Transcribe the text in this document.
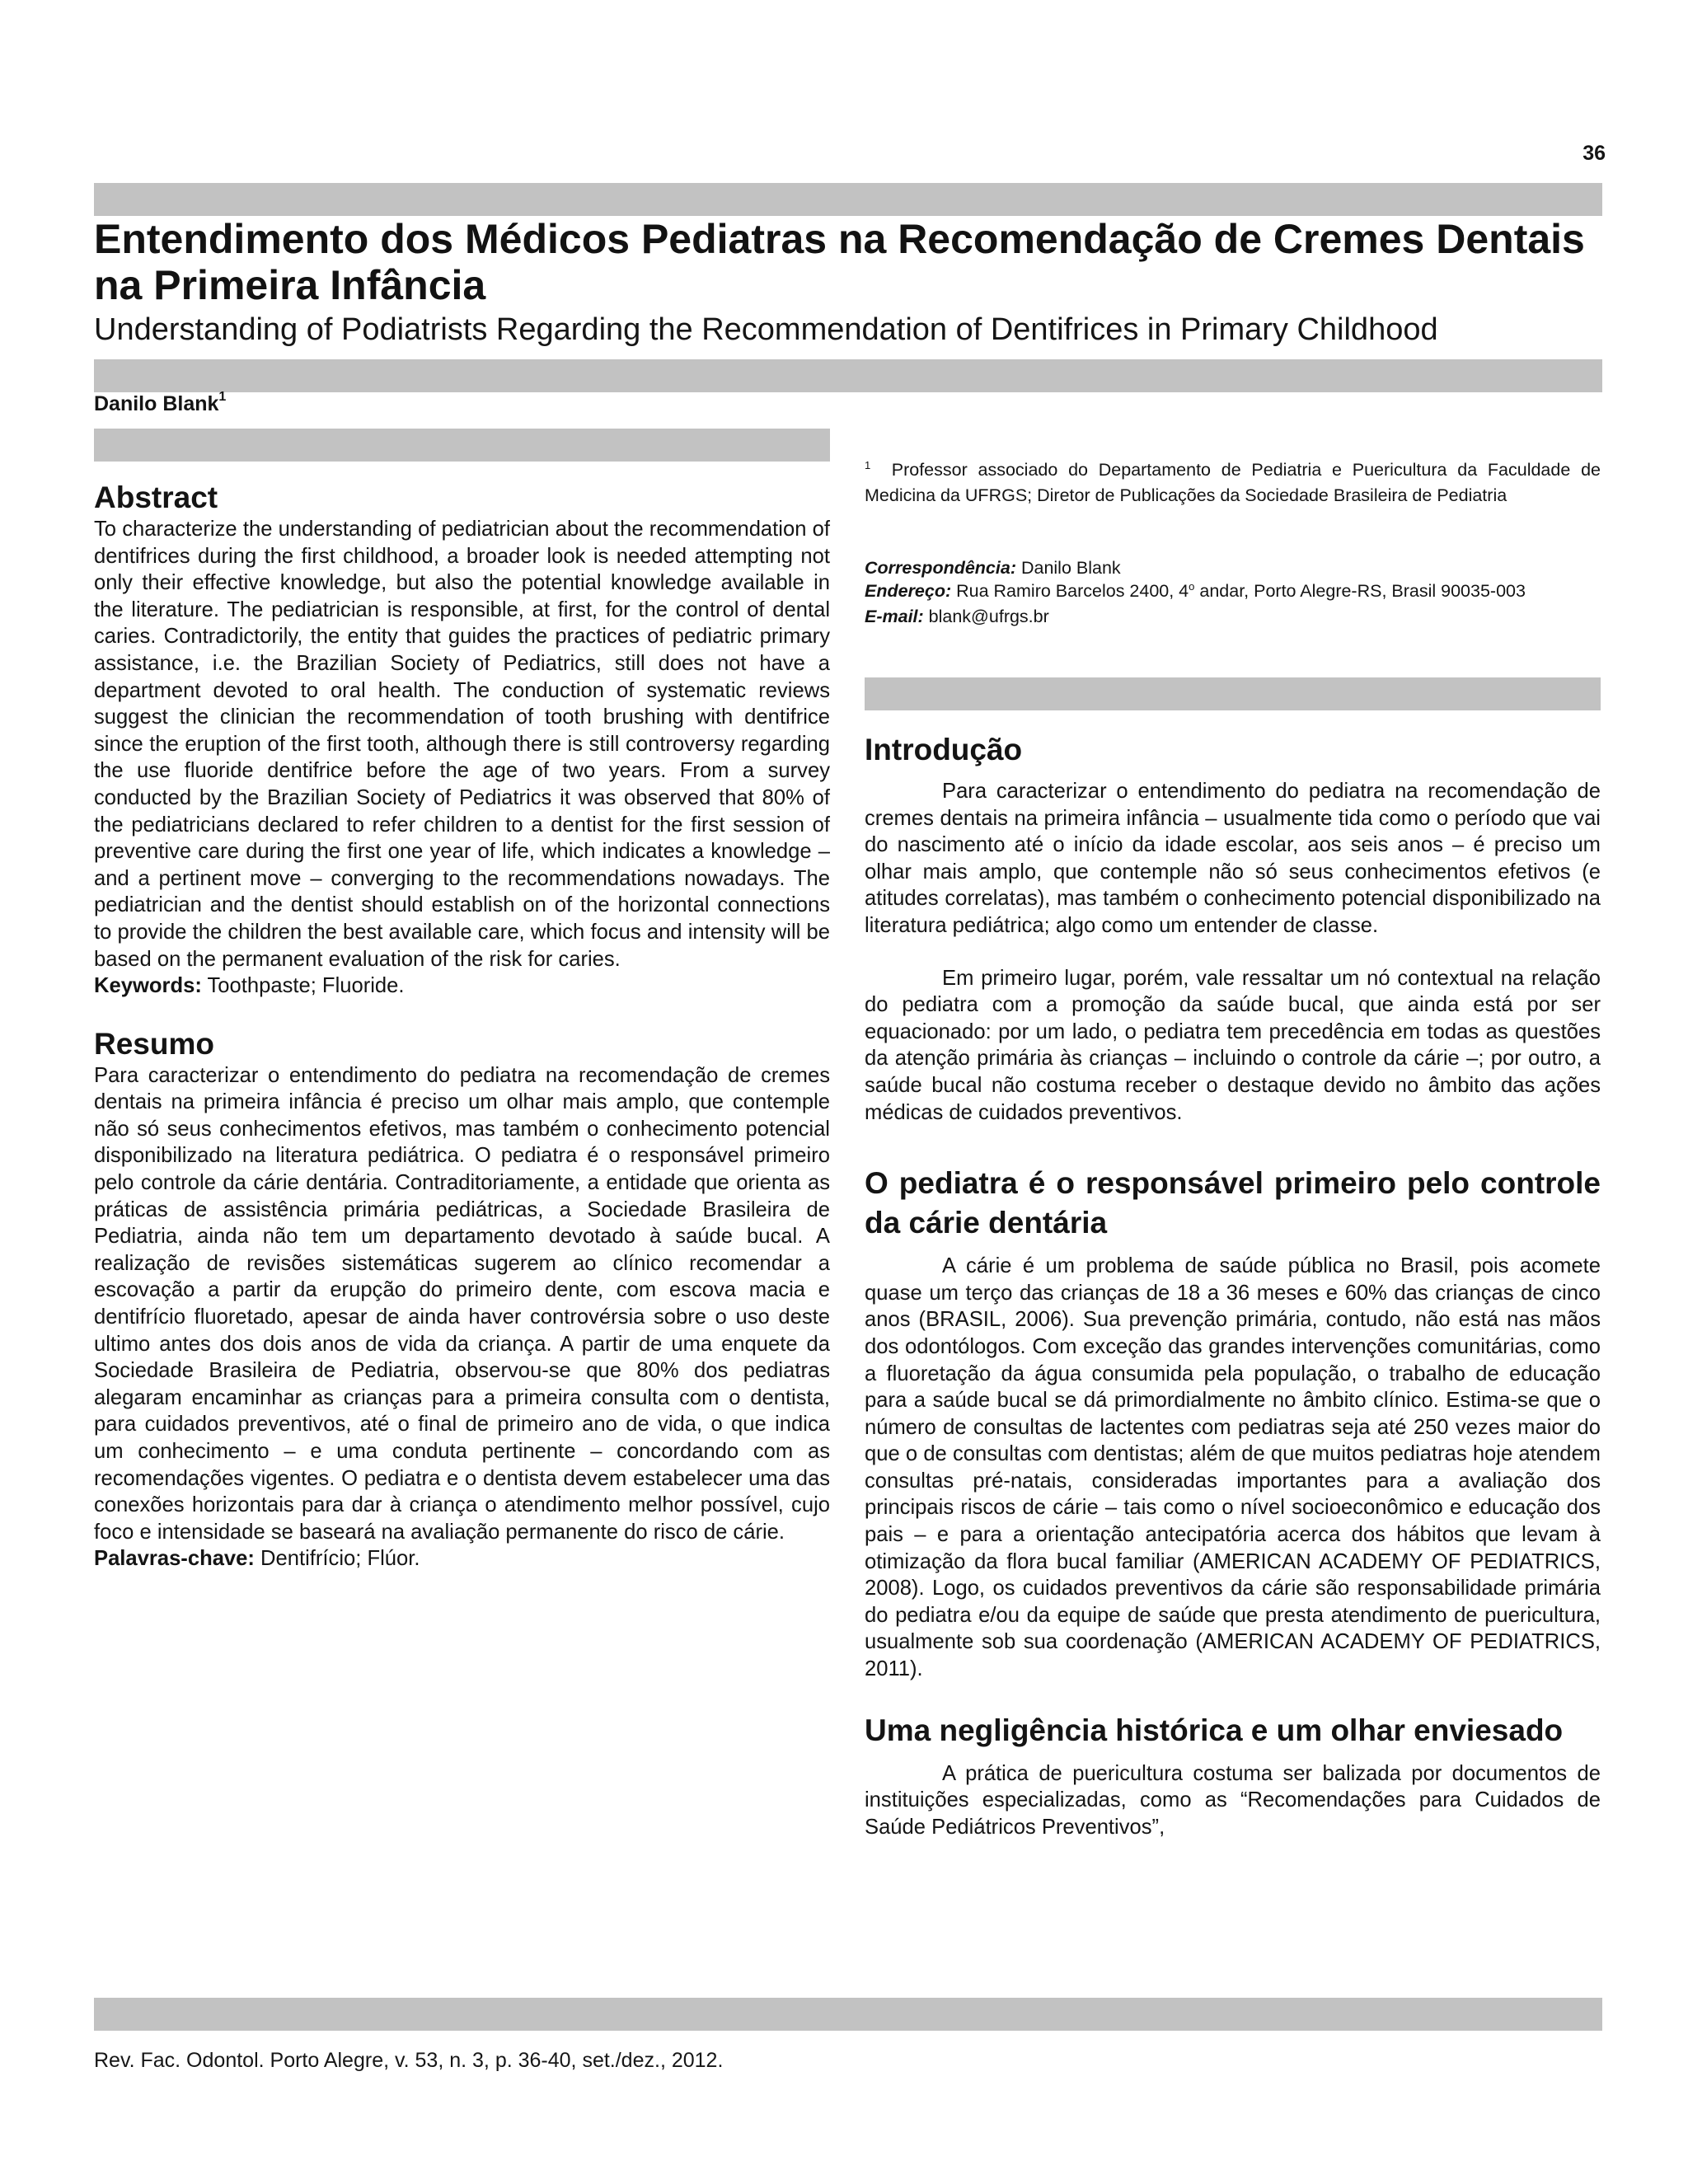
36
Entendimento dos Médicos Pediatras na Recomendação de Cremes Dentais na Primeira Infância
Understanding of Podiatrists Regarding the Recommendation of Dentifrices in Primary Childhood
Danilo Blank$^1$
Abstract
To characterize the understanding of pediatrician about the recommendation of dentifrices during the first childhood, a broader look is needed attempting not only their effective knowledge, but also the potential knowledge available in the literature. The pediatrician is responsible, at first, for the control of dental caries. Contradictorily, the entity that guides the practices of pediatric primary assistance, i.e. the Brazilian Society of Pediatrics, still does not have a department devoted to oral health. The conduction of systematic reviews suggest the clinician the recommendation of tooth brushing with dentifrice since the eruption of the first tooth, although there is still controversy regarding the use fluoride dentifrice before the age of two years. From a survey conducted by the Brazilian Society of Pediatrics it was observed that 80% of the pediatricians declared to refer children to a dentist for the first session of preventive care during the first one year of life, which indicates a knowledge – and a pertinent move – converging to the recommendations nowadays. The pediatrician and the dentist should establish on of the horizontal connections to provide the children the best available care, which focus and intensity will be based on the permanent evaluation of the risk for caries.
Keywords: Toothpaste; Fluoride.
Resumo
Para caracterizar o entendimento do pediatra na recomendação de cremes dentais na primeira infância é preciso um olhar mais amplo, que contemple não só seus conhecimentos efetivos, mas também o conhecimento potencial disponibilizado na literatura pediátrica. O pediatra é o responsável primeiro pelo controle da cárie dentária. Contraditoriamente, a entidade que orienta as práticas de assistência primária pediátricas, a Sociedade Brasileira de Pediatria, ainda não tem um departamento devotado à saúde bucal. A realização de revisões sistemáticas sugerem ao clínico recomendar a escovação a partir da erupção do primeiro dente, com escova macia e dentifrício fluoretado, apesar de ainda haver controvérsia sobre o uso deste ultimo antes dos dois anos de vida da criança. A partir de uma enquete da Sociedade Brasileira de Pediatria, observou-se que 80% dos pediatras alegaram encaminhar as crianças para a primeira consulta com o dentista, para cuidados preventivos, até o final de primeiro ano de vida, o que indica um conhecimento – e uma conduta pertinente – concordando com as recomendações vigentes. O pediatra e o dentista devem estabelecer uma das conexões horizontais para dar à criança o atendimento melhor possível, cujo foco e intensidade se baseará na avaliação permanente do risco de cárie.
Palavras-chave: Dentifrício; Flúor.
$^1$ Professor associado do Departamento de Pediatria e Puericultura da Faculdade de Medicina da UFRGS; Diretor de Publicações da Sociedade Brasileira de Pediatria
Correspondência: Danilo Blank
Endereço: Rua Ramiro Barcelos 2400, 4$^o$ andar, Porto Alegre-RS, Brasil 90035-003
E-mail: blank@ufrgs.br
Introdução
Para caracterizar o entendimento do pediatra na recomendação de cremes dentais na primeira infância – usualmente tida como o período que vai do nascimento até o início da idade escolar, aos seis anos – é preciso um olhar mais amplo, que contemple não só seus conhecimentos efetivos (e atitudes correlatas), mas também o conhecimento potencial disponibilizado na literatura pediátrica; algo como um entender de classe.
Em primeiro lugar, porém, vale ressaltar um nó contextual na relação do pediatra com a promoção da saúde bucal, que ainda está por ser equacionado: por um lado, o pediatra tem precedência em todas as questões da atenção primária às crianças – incluindo o controle da cárie –; por outro, a saúde bucal não costuma receber o destaque devido no âmbito das ações médicas de cuidados preventivos.
O pediatra é o responsável primeiro pelo controle da cárie dentária
A cárie é um problema de saúde pública no Brasil, pois acomete quase um terço das crianças de 18 a 36 meses e 60% das crianças de cinco anos (BRASIL, 2006). Sua prevenção primária, contudo, não está nas mãos dos odontólogos. Com exceção das grandes intervenções comunitárias, como a fluoretação da água consumida pela população, o trabalho de educação para a saúde bucal se dá primordialmente no âmbito clínico. Estima-se que o número de consultas de lactentes com pediatras seja até 250 vezes maior do que o de consultas com dentistas; além de que muitos pediatras hoje atendem consultas pré-natais, consideradas importantes para a avaliação dos principais riscos de cárie – tais como o nível socioeconômico e educação dos pais – e para a orientação antecipatória acerca dos hábitos que levam à otimização da flora bucal familiar (AMERICAN ACADEMY OF PEDIATRICS, 2008). Logo, os cuidados preventivos da cárie são responsabilidade primária do pediatra e/ou da equipe de saúde que presta atendimento de puericultura, usualmente sob sua coordenação (AMERICAN ACADEMY OF PEDIATRICS, 2011).
Uma negligência histórica e um olhar enviesado
A prática de puericultura costuma ser balizada por documentos de instituições especializadas, como as “Recomendações para Cuidados de Saúde Pediátricos Preventivos”,
Rev. Fac. Odontol. Porto Alegre, v. 53, n. 3, p. 36-40, set./dez., 2012.
